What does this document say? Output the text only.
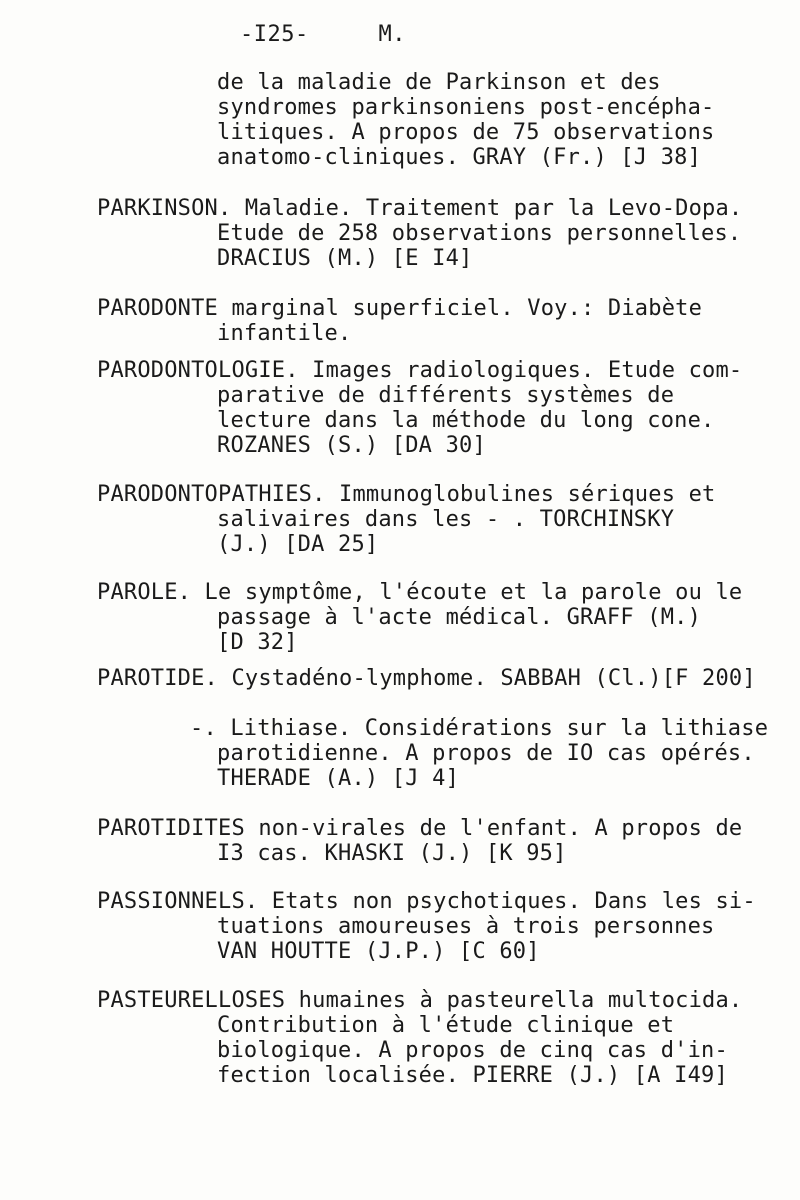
-I25-	M.
de la maladie de Parkinson et des
syndromes parkinsoniens post-encépha-
litiques. A propos de 75 observations
anatomo-cliniques. GRAY (Fr.) [J 38]
PARKINSON. Maladie. Traitement par la Levo-Dopa.
Etude de 258 observations personnelles.
DRACIUS (M.) [E I4]
PARODONTE marginal superficiel. Voy.: Diabète
infantile.
PARODONTOLOGIE. Images radiologiques. Etude com-
parative de différents systèmes de
lecture dans la méthode du long cone.
ROZANES (S.) [DA 30]
PARODONTOPATHIES. Immunoglobulines sériques et
salivaires dans les - . TORCHINSKY
(J.) [DA 25]
PAROLE. Le symptôme, l'écoute et la parole ou le
passage à l'acte médical. GRAFF (M.)
[D 32]
PAROTIDE. Cystadéno-lymphome. SABBAH (Cl.)[F 200]
-. Lithiase. Considérations sur la lithiase
parotidienne. A propos de IO cas opérés.
THERADE (A.) [J 4]
PAROTIDITES non-virales de l'enfant. A propos de
I3 cas. KHASKI (J.) [K 95]
PASSIONNELS. Etats non psychotiques. Dans les si-
tuations amoureuses à trois personnes
VAN HOUTTE (J.P.) [C 60]
PASTEURELLOSES humaines à pasteurella multocida.
Contribution à l'étude clinique et
biologique. A propos de cinq cas d'in-
fection localisée. PIERRE (J.) [A I49]
